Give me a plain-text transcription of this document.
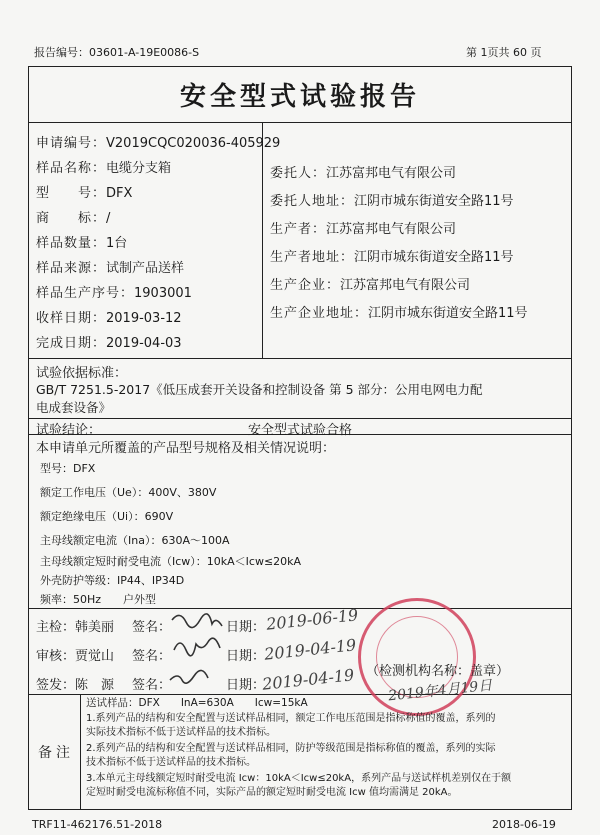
报告编号：03601-A-19E0086-S	第 1页共 60 页
安全型式试验报告
申请编号：V2019CQC020036-405929
样品名称：电缆分支箱
型　　号：DFX
商　　标：/
样品数量：1台
样品来源：试制产品送样
样品生产序号：1903001
收样日期：2019-03-12
完成日期：2019-04-03
委托人：江苏富邦电气有限公司
委托人地址：江阴市城东街道安全路11号
生产者：江苏富邦电气有限公司
生产者地址：江阴市城东街道安全路11号
生产企业：江苏富邦电气有限公司
生产企业地址：江阴市城东街道安全路11号
试验依据标准：
GB/T 7251.5-2017《低压成套开关设备和控制设备 第 5 部分：公用电网电力配
电成套设备》
试验结论：	安全型式试验合格
本申请单元所覆盖的产品型号规格及相关情况说明：
型号：DFX
额定工作电压（Ue）：400V、380V
额定绝缘电压（Ui）：690V
主母线额定电流（Ina）：630A～100A
主母线额定短时耐受电流（Icw）：10kA＜Icw≤20kA
外壳防护等级：IP44、IP34D
频率：50Hz　　户外型
主检：韩美丽 签名：	日期： 2019-06-19
审核：贾觉山 签名：	日期：
2019-04-19
签发：陈　源 签名：	日期：
2019-04-19 （检测机构名称：盖章）
2019年4月19日
备注
送试样品：DFX　　InA=630A　　Icw=15kA
1.系列产品的结构和安全配置与送试样品相同，额定工作电压范围是指标称值的覆盖，系列的
实际技术指标不低于送试样品的技术指标。
2.系列产品的结构和安全配置与送试样品相同，防护等级范围是指标称值的覆盖，系列的实际
技术指标不低于送试样品的技术指标。
3.本单元主母线额定短时耐受电流 Icw：10kA＜Icw≤20kA，系列产品与送试样机差别仅在于额
定短时耐受电流标称值不同，实际产品的额定短时耐受电流 Icw 值均需满足 20kA。
TRF11-462176.51-2018	2018-06-19
